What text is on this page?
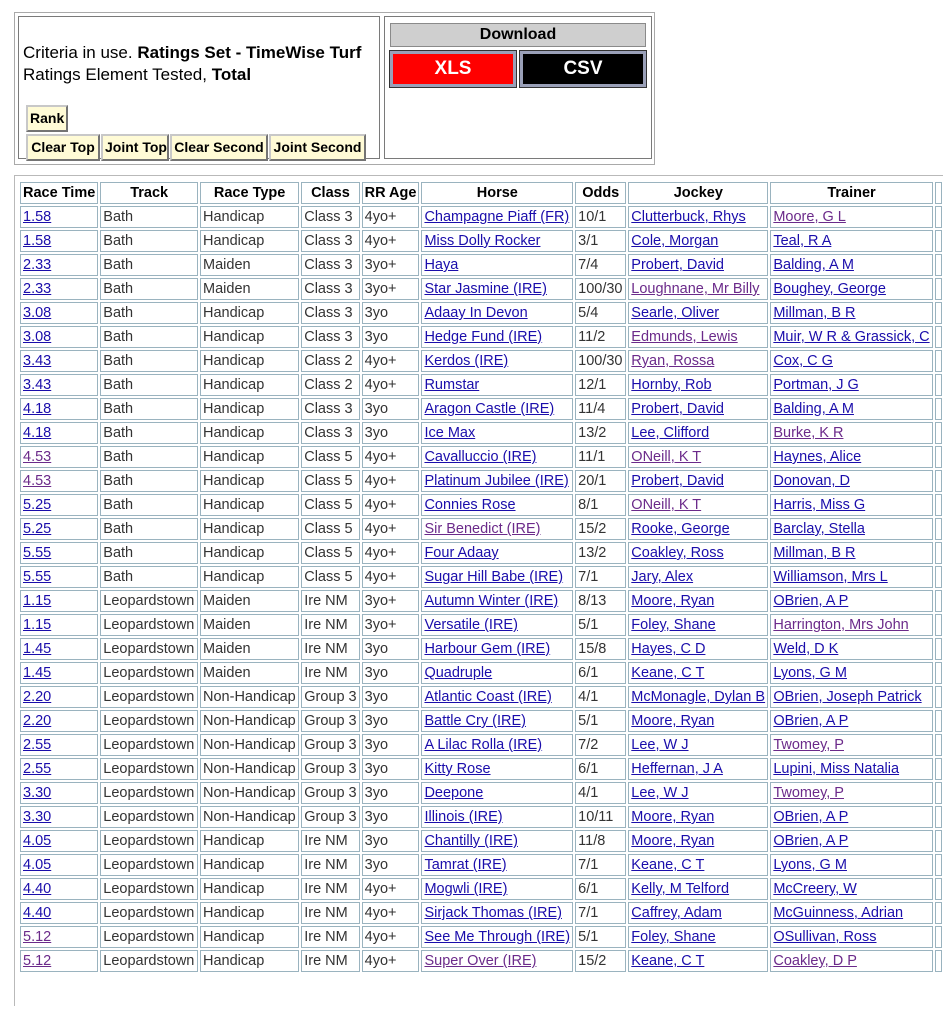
Criteria in use. Ratings Set - TimeWise Turf
Ratings Element Tested, Total
Rank
Clear Top Joint Top Clear Second Joint Second
Download
XLS	CSV
Race Time	Track	Race Type	Class	RR Age	Horse	Odds	Jockey	Trainer	
1.58	Bath	Handicap	Class 3	4yo+	Champagne Piaff (FR)	10/1	Clutterbuck, Rhys	Moore, G L	
1.58	Bath	Handicap	Class 3	4yo+	Miss Dolly Rocker	3/1	Cole, Morgan	Teal, R A	
2.33	Bath	Maiden	Class 3	3yo+	Haya	7/4	Probert, David	Balding, A M	
2.33	Bath	Maiden	Class 3	3yo+	Star Jasmine (IRE)	100/30	Loughnane, Mr Billy	Boughey, George	
3.08	Bath	Handicap	Class 3	3yo	Adaay In Devon	5/4	Searle, Oliver	Millman, B R	
3.08	Bath	Handicap	Class 3	3yo	Hedge Fund (IRE)	11/2	Edmunds, Lewis	Muir, W R & Grassick, C	
3.43	Bath	Handicap	Class 2	4yo+	Kerdos (IRE)	100/30	Ryan, Rossa	Cox, C G	
3.43	Bath	Handicap	Class 2	4yo+	Rumstar	12/1	Hornby, Rob	Portman, J G	
4.18	Bath	Handicap	Class 3	3yo	Aragon Castle (IRE)	11/4	Probert, David	Balding, A M	
4.18	Bath	Handicap	Class 3	3yo	Ice Max	13/2	Lee, Clifford	Burke, K R	
4.53	Bath	Handicap	Class 5	4yo+	Cavalluccio (IRE)	11/1	ONeill, K T	Haynes, Alice	
4.53	Bath	Handicap	Class 5	4yo+	Platinum Jubilee (IRE)	20/1	Probert, David	Donovan, D	
5.25	Bath	Handicap	Class 5	4yo+	Connies Rose	8/1	ONeill, K T	Harris, Miss G	
5.25	Bath	Handicap	Class 5	4yo+	Sir Benedict (IRE)	15/2	Rooke, George	Barclay, Stella	
5.55	Bath	Handicap	Class 5	4yo+	Four Adaay	13/2	Coakley, Ross	Millman, B R	
5.55	Bath	Handicap	Class 5	4yo+	Sugar Hill Babe (IRE)	7/1	Jary, Alex	Williamson, Mrs L	
1.15	Leopardstown	Maiden	Ire NM	3yo+	Autumn Winter (IRE)	8/13	Moore, Ryan	OBrien, A P	
1.15	Leopardstown	Maiden	Ire NM	3yo+	Versatile (IRE)	5/1	Foley, Shane	Harrington, Mrs John	
1.45	Leopardstown	Maiden	Ire NM	3yo	Harbour Gem (IRE)	15/8	Hayes, C D	Weld, D K	
1.45	Leopardstown	Maiden	Ire NM	3yo	Quadruple	6/1	Keane, C T	Lyons, G M	
2.20	Leopardstown	Non-Handicap	Group 3	3yo	Atlantic Coast (IRE)	4/1	McMonagle, Dylan B	OBrien, Joseph Patrick	
2.20	Leopardstown	Non-Handicap	Group 3	3yo	Battle Cry (IRE)	5/1	Moore, Ryan	OBrien, A P	
2.55	Leopardstown	Non-Handicap	Group 3	3yo	A Lilac Rolla (IRE)	7/2	Lee, W J	Twomey, P	
2.55	Leopardstown	Non-Handicap	Group 3	3yo	Kitty Rose	6/1	Heffernan, J A	Lupini, Miss Natalia	
3.30	Leopardstown	Non-Handicap	Group 3	3yo	Deepone	4/1	Lee, W J	Twomey, P	
3.30	Leopardstown	Non-Handicap	Group 3	3yo	Illinois (IRE)	10/11	Moore, Ryan	OBrien, A P	
4.05	Leopardstown	Handicap	Ire NM	3yo	Chantilly (IRE)	11/8	Moore, Ryan	OBrien, A P	
4.05	Leopardstown	Handicap	Ire NM	3yo	Tamrat (IRE)	7/1	Keane, C T	Lyons, G M	
4.40	Leopardstown	Handicap	Ire NM	4yo+	Mogwli (IRE)	6/1	Kelly, M Telford	McCreery, W	
4.40	Leopardstown	Handicap	Ire NM	4yo+	Sirjack Thomas (IRE)	7/1	Caffrey, Adam	McGuinness, Adrian	
5.12	Leopardstown	Handicap	Ire NM	4yo+	See Me Through (IRE)	5/1	Foley, Shane	OSullivan, Ross	
5.12	Leopardstown	Handicap	Ire NM	4yo+	Super Over (IRE)	15/2	Keane, C T	Coakley, D P	
